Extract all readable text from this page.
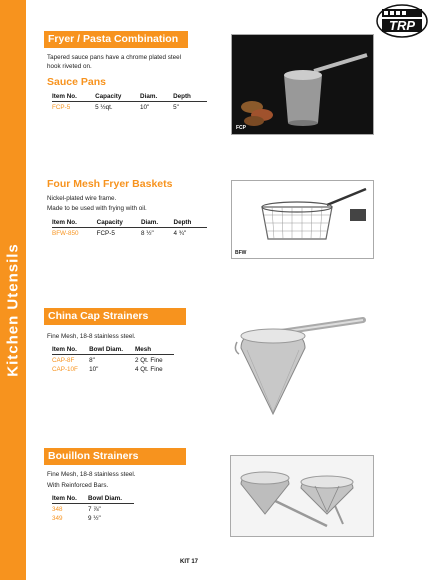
Kitchen Utensils
TRP
Fryer / Pasta Combination
Tapered sauce pans have a chrome plated steel
hook riveted on.
Sauce Pans
Item No.	Capacity	Diam.	Depth
FCP-5	5 ½qt.	10"	5"
FCP
Four Mesh Fryer Baskets
Nickel-plated wire frame.
Made to be used with frying with oil.
Item No.	Capacity	Diam.	Depth
BFW-850	FCP-5	8 ½"	4 ¾"
BFW
China Cap Strainers
Fine Mesh, 18-8 stainless steel.
Item No.	Bowl Diam.	Mesh
CAP-8F	8"	2 Qt. Fine
CAP-10F	10"	4 Qt. Fine
Bouillon Strainers
Fine Mesh, 18-8 stainless steel.
With Reinforced Bars.
Item No.	Bowl Diam.
348	7 ⅞"
349	9 ½"
KIT 17
